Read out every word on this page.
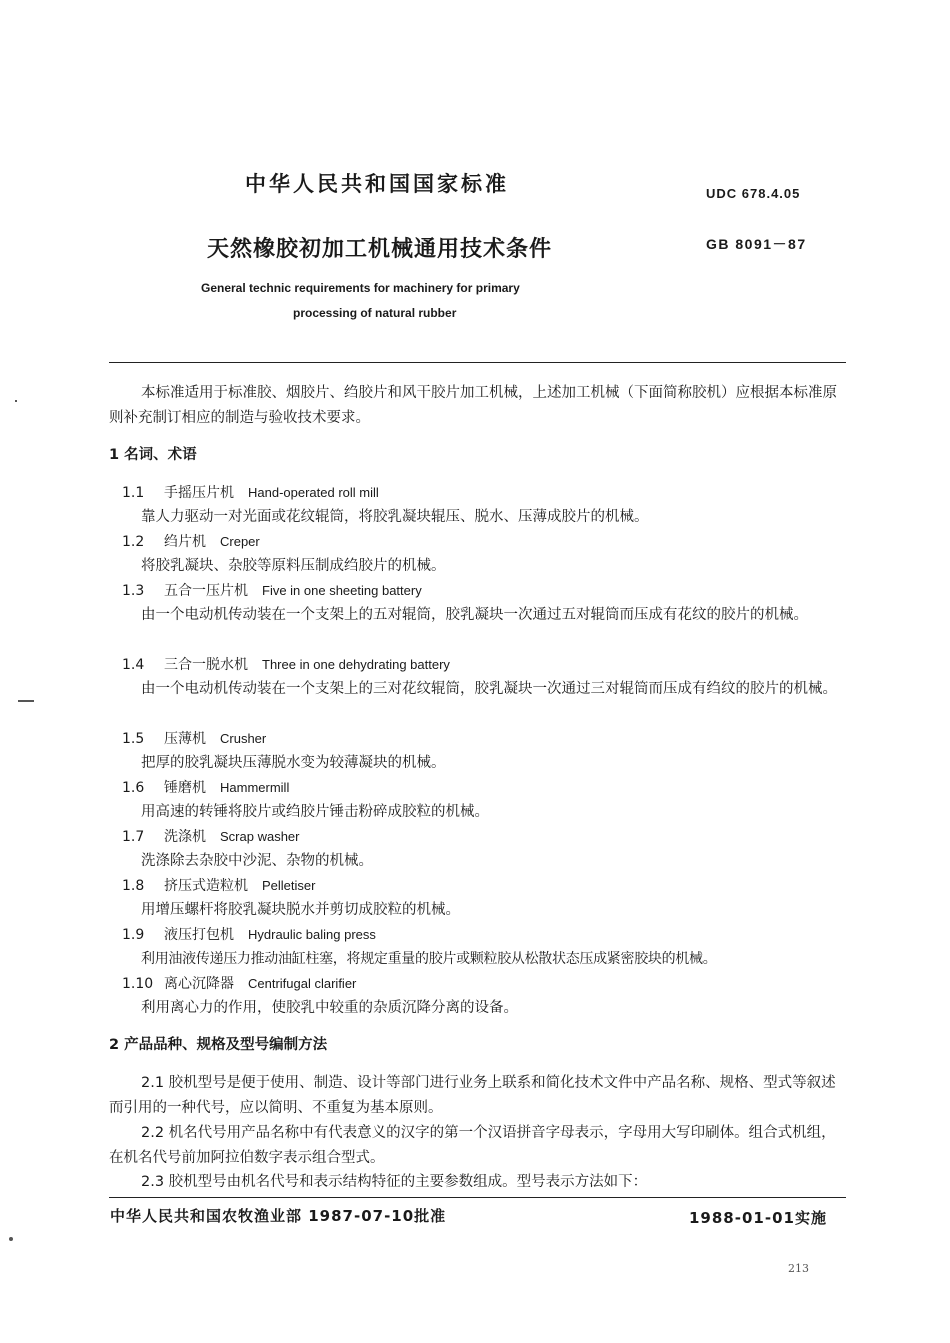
中华人民共和国国家标准	UDC 678.4.05
天然橡胶初加工机械通用技术条件	GB 8091－87
General technic requirements for machinery for primary
processing of natural rubber
本标准适用于标准胶、烟胶片、绉胶片和风干胶片加工机械，上述加工机械（下面简称胶机）应根据本标准原则补充制订相应的制造与验收技术要求。
1 名词、术语
1.1 手摇压片机 Hand-operated roll mill
靠人力驱动一对光面或花纹辊筒，将胶乳凝块辊压、脱水、压薄成胶片的机械。
1.2 绉片机 Creper
将胶乳凝块、杂胶等原料压制成绉胶片的机械。
1.3 五合一压片机 Five in one sheeting battery
由一个电动机传动装在一个支架上的五对辊筒，胶乳凝块一次通过五对辊筒而压成有花纹的胶片的机械。
1.4 三合一脱水机 Three in one dehydrating battery
由一个电动机传动装在一个支架上的三对花纹辊筒，胶乳凝块一次通过三对辊筒而压成有绉纹的胶片的机械。
1.5 压薄机 Crusher
把厚的胶乳凝块压薄脱水变为较薄凝块的机械。
1.6 锤磨机 Hammermill
用高速的转锤将胶片或绉胶片锤击粉碎成胶粒的机械。
1.7 洗涤机 Scrap washer
洗涤除去杂胶中沙泥、杂物的机械。
1.8 挤压式造粒机 Pelletiser
用增压螺杆将胶乳凝块脱水并剪切成胶粒的机械。
1.9 液压打包机 Hydraulic baling press
利用油液传递压力推动油缸柱塞，将规定重量的胶片或颗粒胶从松散状态压成紧密胶块的机械。
1.10 离心沉降器 Centrifugal clarifier
利用离心力的作用，使胶乳中较重的杂质沉降分离的设备。
2 产品品种、规格及型号编制方法
2.1 胶机型号是便于使用、制造、设计等部门进行业务上联系和简化技术文件中产品名称、规格、型式等叙述而引用的一种代号，应以简明、不重复为基本原则。
2.2 机名代号用产品名称中有代表意义的汉字的第一个汉语拼音字母表示，字母用大写印刷体。组合式机组，在机名代号前加阿拉伯数字表示组合型式。
2.3 胶机型号由机名代号和表示结构特征的主要参数组成。型号表示方法如下：
中华人民共和国农牧渔业部 1987-07-10批准	1988-01-01实施
213
